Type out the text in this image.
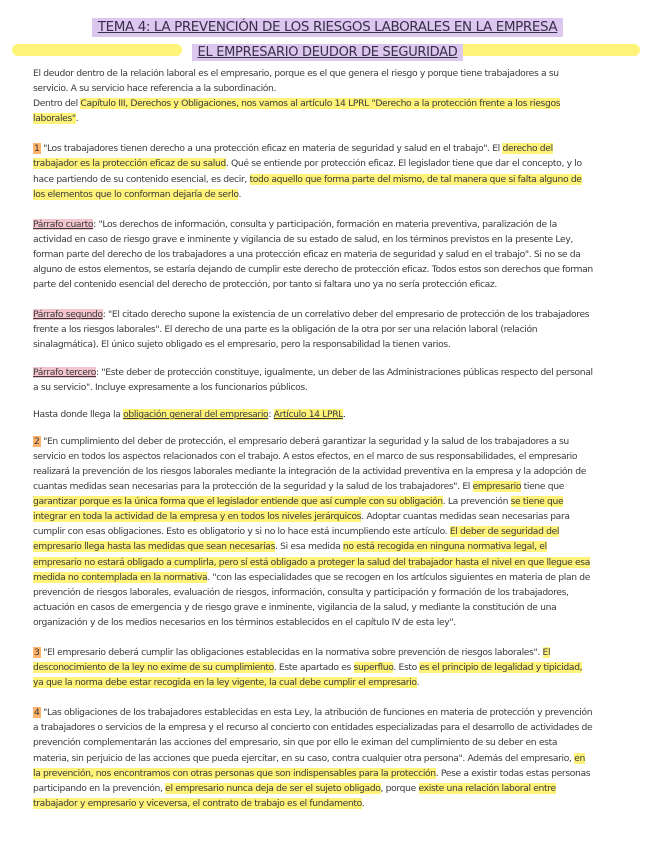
TEMA 4: LA PREVENCIÓN DE LOS RIESGOS LABORALES EN LA EMPRESA
EL EMPRESARIO DEUDOR DE SEGURIDAD

El deudor dentro de la relación laboral es el empresario, porque es el que genera el riesgo y porque tiene trabajadores a su servicio. A su servicio hace referencia a la subordinación.

Dentro del Capítulo III, Derechos y Obligaciones, nos vamos al artículo 14 LPRL "Derecho a la protección frente a los riesgos laborales".

1 "Los trabajadores tienen derecho a una protección eficaz en materia de seguridad y salud en el trabajo". El derecho del trabajador es la protección eficaz de su salud. Qué se entiende por protección eficaz. El legislador tiene que dar el concepto, y lo hace partiendo de su contenido esencial, es decir, todo aquello que forma parte del mismo, de tal manera que si falta alguno de los elementos que lo conforman dejaría de serlo.

Párrafo cuarto: "Los derechos de información, consulta y participación, formación en materia preventiva, paralización de la actividad en caso de riesgo grave e inminente y vigilancia de su estado de salud, en los términos previstos en la presente Ley, forman parte del derecho de los trabajadores a una protección eficaz en materia de seguridad y salud en el trabajo". Si no se da alguno de estos elementos, se estaría dejando de cumplir este derecho de protección eficaz. Todos estos son derechos que forman parte del contenido esencial del derecho de protección, por tanto si faltara uno ya no sería protección eficaz.

Párrafo segundo: "El citado derecho supone la existencia de un correlativo deber del empresario de protección de los trabajadores frente a los riesgos laborales". El derecho de una parte es la obligación de la otra por ser una relación laboral (relación sinalagmática). El único sujeto obligado es el empresario, pero la responsabilidad la tienen varios.

Párrafo tercero: "Este deber de protección constituye, igualmente, un deber de las Administraciones públicas respecto del personal a su servicio". Incluye expresamente a los funcionarios públicos.

Hasta donde llega la obligación general del empresario: Artículo 14 LPRL.

2 "En cumplimiento del deber de protección, el empresario deberá garantizar la seguridad y la salud de los trabajadores a su servicio en todos los aspectos relacionados con el trabajo. A estos efectos, en el marco de sus responsabilidades, el empresario realizará la prevención de los riesgos laborales mediante la integración de la actividad preventiva en la empresa y la adopción de cuantas medidas sean necesarias para la protección de la seguridad y la salud de los trabajadores". El empresario tiene que garantizar porque es la única forma que el legislador entiende que así cumple con su obligación. La prevención se tiene que integrar en toda la actividad de la empresa y en todos los niveles jerárquicos. Adoptar cuantas medidas sean necesarias para cumplir con esas obligaciones. Esto es obligatorio y si no lo hace está incumpliendo este artículo. El deber de seguridad del empresario llega hasta las medidas que sean necesarias. Si esa medida no está recogida en ninguna normativa legal, el empresario no estará obligado a cumplirla, pero sí está obligado a proteger la salud del trabajador hasta el nivel en que llegue esa medida no contemplada en la normativa. "con las especialidades que se recogen en los artículos siguientes en materia de plan de prevención de riesgos laborales, evaluación de riesgos, información, consulta y participación y formación de los trabajadores, actuación en casos de emergencia y de riesgo grave e inminente, vigilancia de la salud, y mediante la constitución de una organización y de los medios necesarios en los términos establecidos en el capítulo IV de esta ley".

3 "El empresario deberá cumplir las obligaciones establecidas en la normativa sobre prevención de riesgos laborales". El desconocimiento de la ley no exime de su cumplimiento. Este apartado es superfluo. Esto es el principio de legalidad y tipicidad, ya que la norma debe estar recogida en la ley vigente, la cual debe cumplir el empresario.

4 "Las obligaciones de los trabajadores establecidas en esta Ley, la atribución de funciones en materia de protección y prevención a trabajadores o servicios de la empresa y el recurso al concierto con entidades especializadas para el desarrollo de actividades de prevención complementarán las acciones del empresario, sin que por ello le eximan del cumplimiento de su deber en esta materia, sin perjuicio de las acciones que pueda ejercitar, en su caso, contra cualquier otra persona". Además del empresario, en la prevención, nos encontramos con otras personas que son indispensables para la protección. Pese a existir todas estas personas participando en la prevención, el empresario nunca deja de ser el sujeto obligado, porque existe una relación laboral entre trabajador y empresario y viceversa, el contrato de trabajo es el fundamento.
